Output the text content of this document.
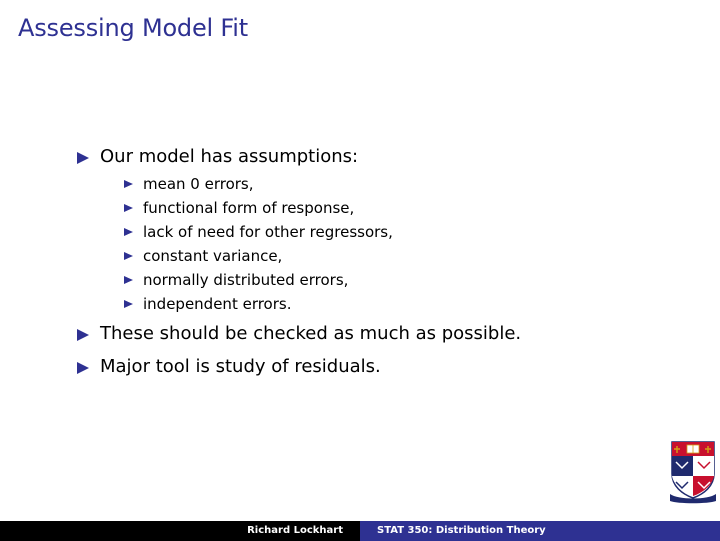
Assessing Model Fit
Our model has assumptions:
mean 0 errors,
functional form of response,
lack of need for other regressors,
constant variance,
normally distributed errors,
independent errors.
These should be checked as much as possible.
Major tool is study of residuals.
Richard Lockhart	STAT 350: Distribution Theory
